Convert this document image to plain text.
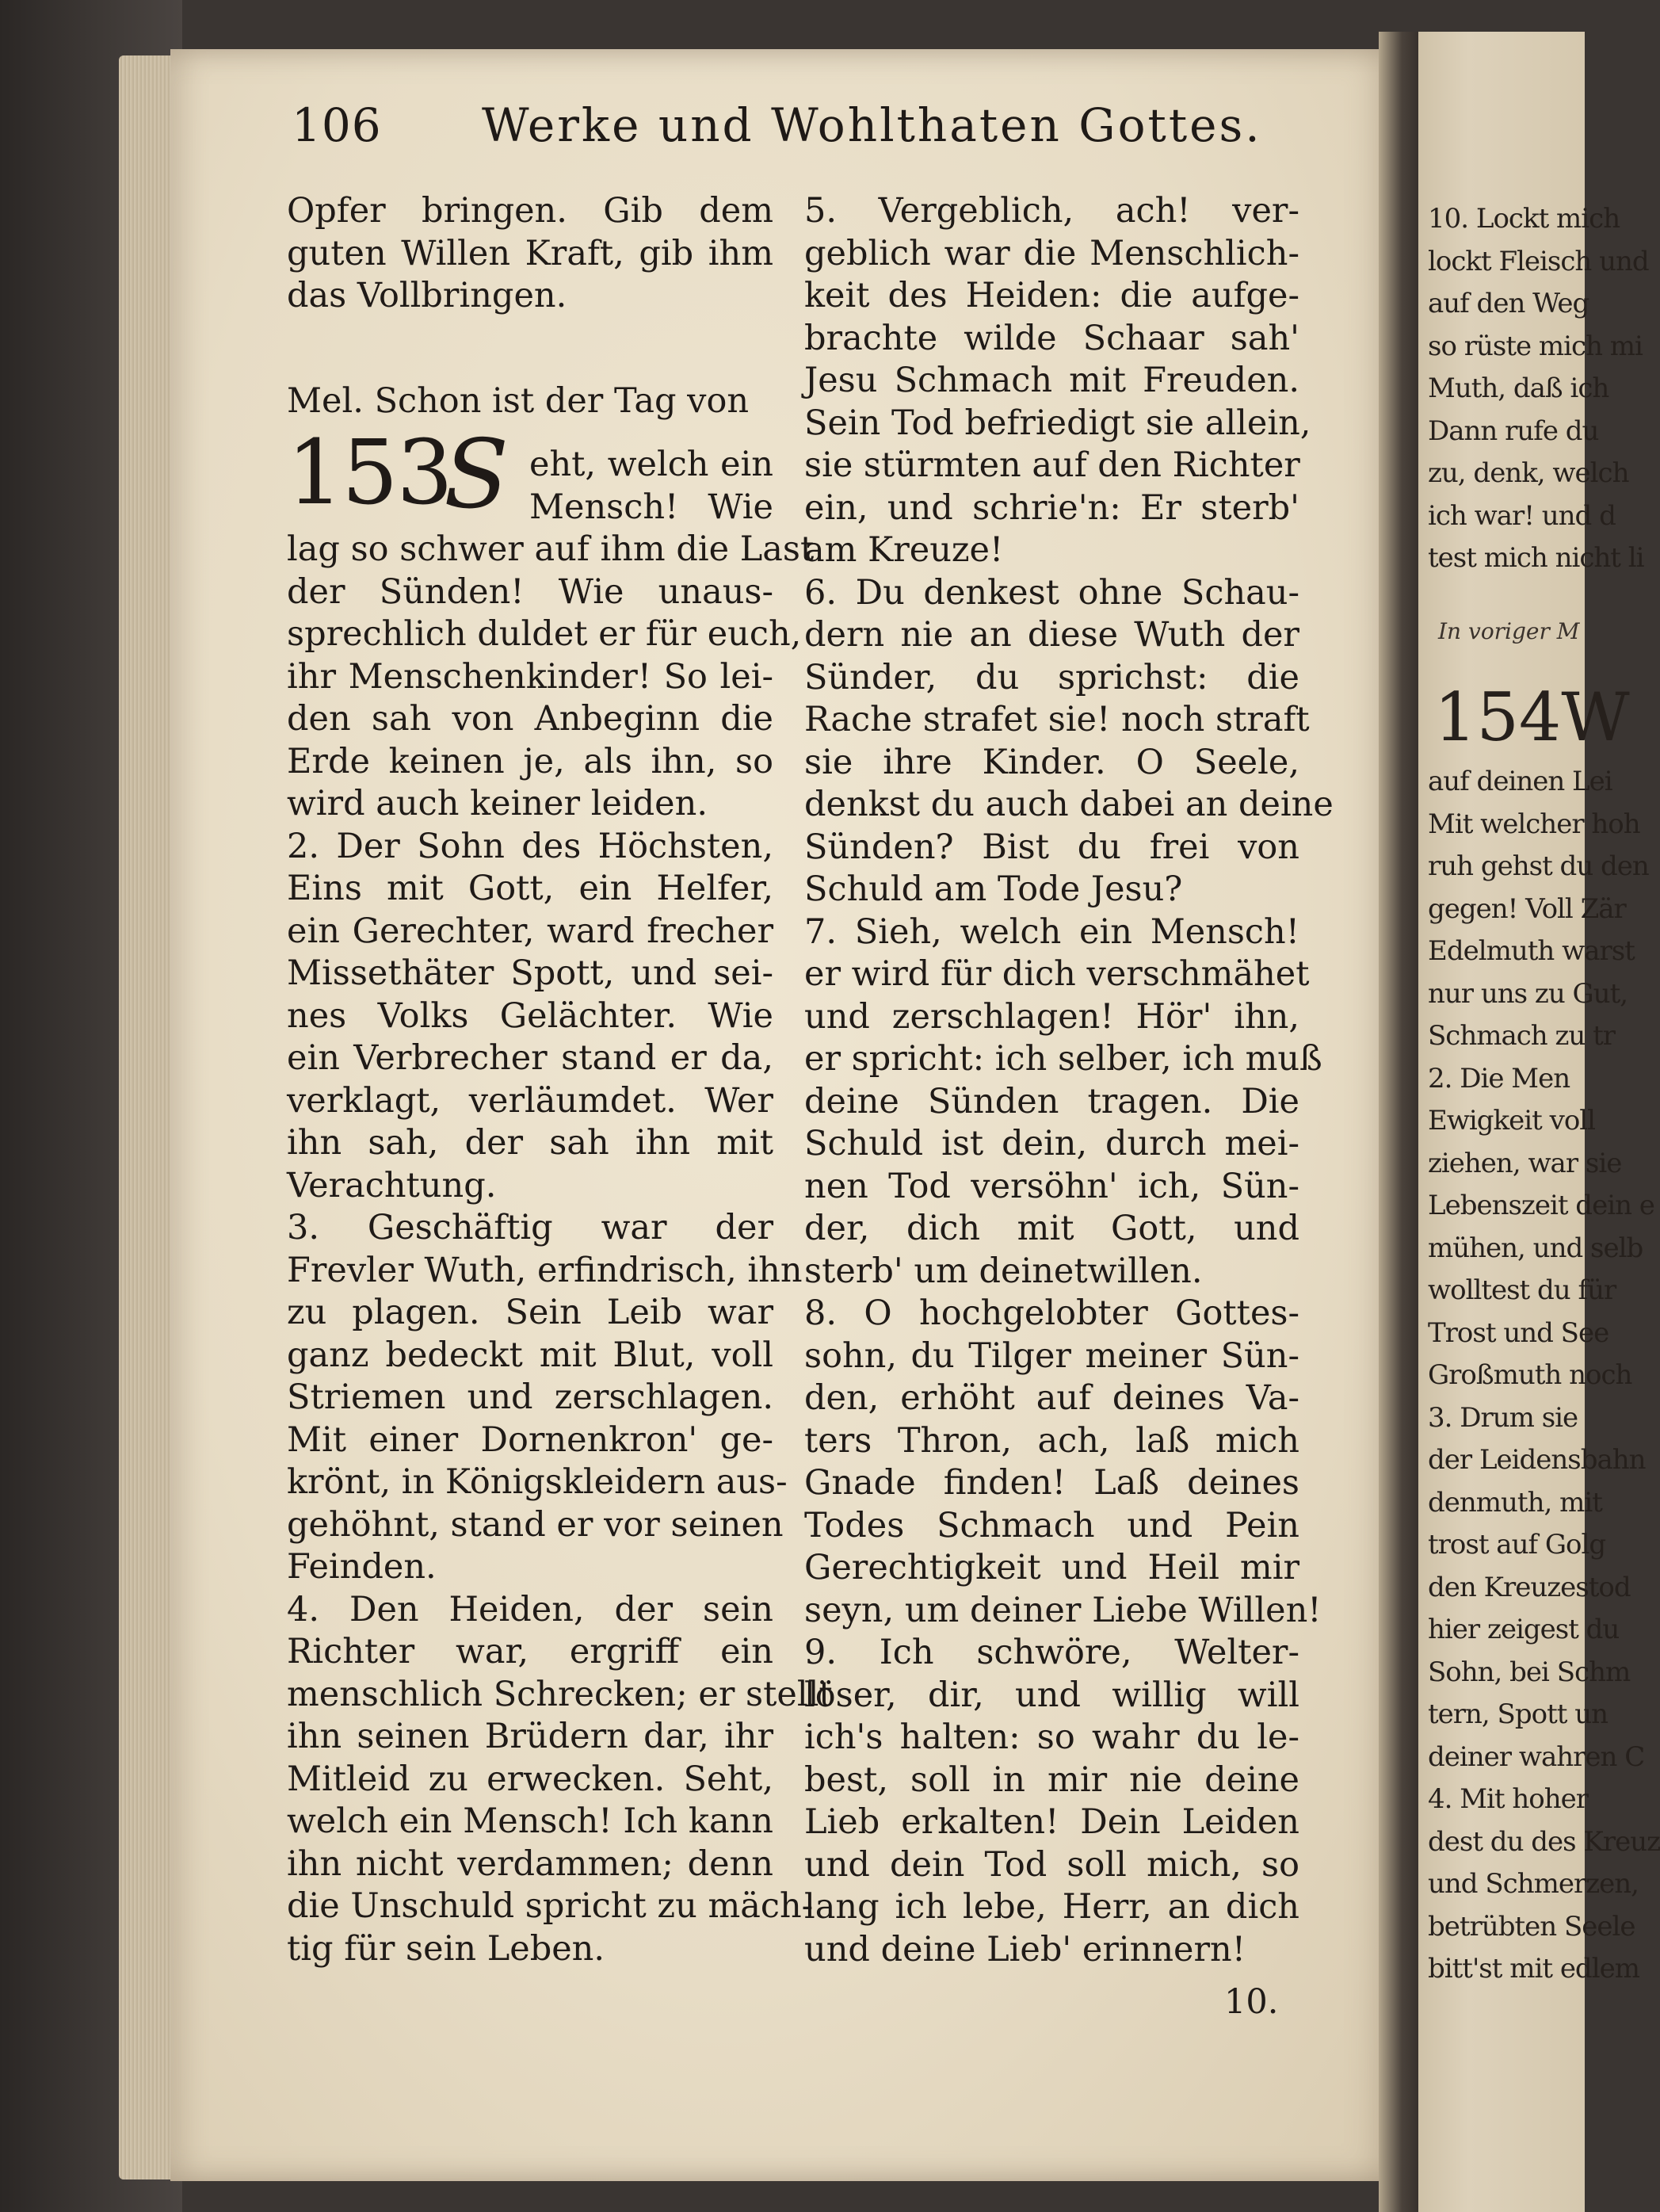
10. Lockt mich
lockt Fleisch und
auf den Weg
so rüste mich mi
Muth, daß ich
Dann rufe du
zu, denk, welch
ich war! und d
test mich nicht li
auf deinen Lei
Mit welcher hoh
ruh gehst du den
gegen! Voll Zär
Edelmuth warst
nur uns zu Gut,
Schmach zu tr
2. Die Men
Ewigkeit voll
ziehen, war sie
Lebenszeit dein e
mühen, und selb
wolltest du für
Trost und See
Großmuth noch
3. Drum sie
der Leidensbahn
denmuth, mit
trost auf Golg
den Kreuzestod
hier zeigest du
Sohn, bei Schm
tern, Spott un
deiner wahren C
4. Mit hoher
dest du des Kreuz
und Schmerzen,
betrübten Seele
bitt'st mit edlem
In voriger M
154W
106 Werke und Wohlthaten Gottes.
Opfer bringen. Gib dem
guten Willen Kraft, gib ihm
das Vollbringen.
Mel. Schon ist der Tag von
153
S eht, welch ein
Mensch! Wie
lag so schwer auf ihm die Last
der Sünden! Wie unaus-
sprechlich duldet er für euch,
ihr Menschenkinder! So lei-
den sah von Anbeginn die
Erde keinen je, als ihn, so
wird auch keiner leiden.
2. Der Sohn des Höchsten,
Eins mit Gott, ein Helfer,
ein Gerechter, ward frecher
Missethäter Spott, und sei-
nes Volks Gelächter. Wie
ein Verbrecher stand er da,
verklagt, verläumdet. Wer
ihn sah, der sah ihn mit
Verachtung.
3. Geschäftig war der
Frevler Wuth, erfindrisch, ihn
zu plagen. Sein Leib war
ganz bedeckt mit Blut, voll
Striemen und zerschlagen.
Mit einer Dornenkron' ge-
krönt, in Königskleidern aus-
gehöhnt, stand er vor seinen
Feinden.
4. Den Heiden, der sein
Richter war, ergriff ein
menschlich Schrecken; er stellt
ihn seinen Brüdern dar, ihr
Mitleid zu erwecken. Seht,
welch ein Mensch! Ich kann
ihn nicht verdammen; denn
die Unschuld spricht zu mäch-
tig für sein Leben.
5. Vergeblich, ach! ver-
geblich war die Menschlich-
keit des Heiden: die aufge-
brachte wilde Schaar sah'
Jesu Schmach mit Freuden.
Sein Tod befriedigt sie allein,
sie stürmten auf den Richter
ein, und schrie'n: Er sterb'
am Kreuze!
6. Du denkest ohne Schau-
dern nie an diese Wuth der
Sünder, du sprichst: die
Rache strafet sie! noch straft
sie ihre Kinder. O Seele,
denkst du auch dabei an deine
Sünden? Bist du frei von
Schuld am Tode Jesu?
7. Sieh, welch ein Mensch!
er wird für dich verschmähet
und zerschlagen! Hör' ihn,
er spricht: ich selber, ich muß
deine Sünden tragen. Die
Schuld ist dein, durch mei-
nen Tod versöhn' ich, Sün-
der, dich mit Gott, und
sterb' um deinetwillen.
8. O hochgelobter Gottes-
sohn, du Tilger meiner Sün-
den, erhöht auf deines Va-
ters Thron, ach, laß mich
Gnade finden! Laß deines
Todes Schmach und Pein
Gerechtigkeit und Heil mir
seyn, um deiner Liebe Willen!
9. Ich schwöre, Welter-
löser, dir, und willig will
ich's halten: so wahr du le-
best, soll in mir nie deine
Lieb erkalten! Dein Leiden
und dein Tod soll mich, so
lang ich lebe, Herr, an dich
und deine Lieb' erinnern!
10.
